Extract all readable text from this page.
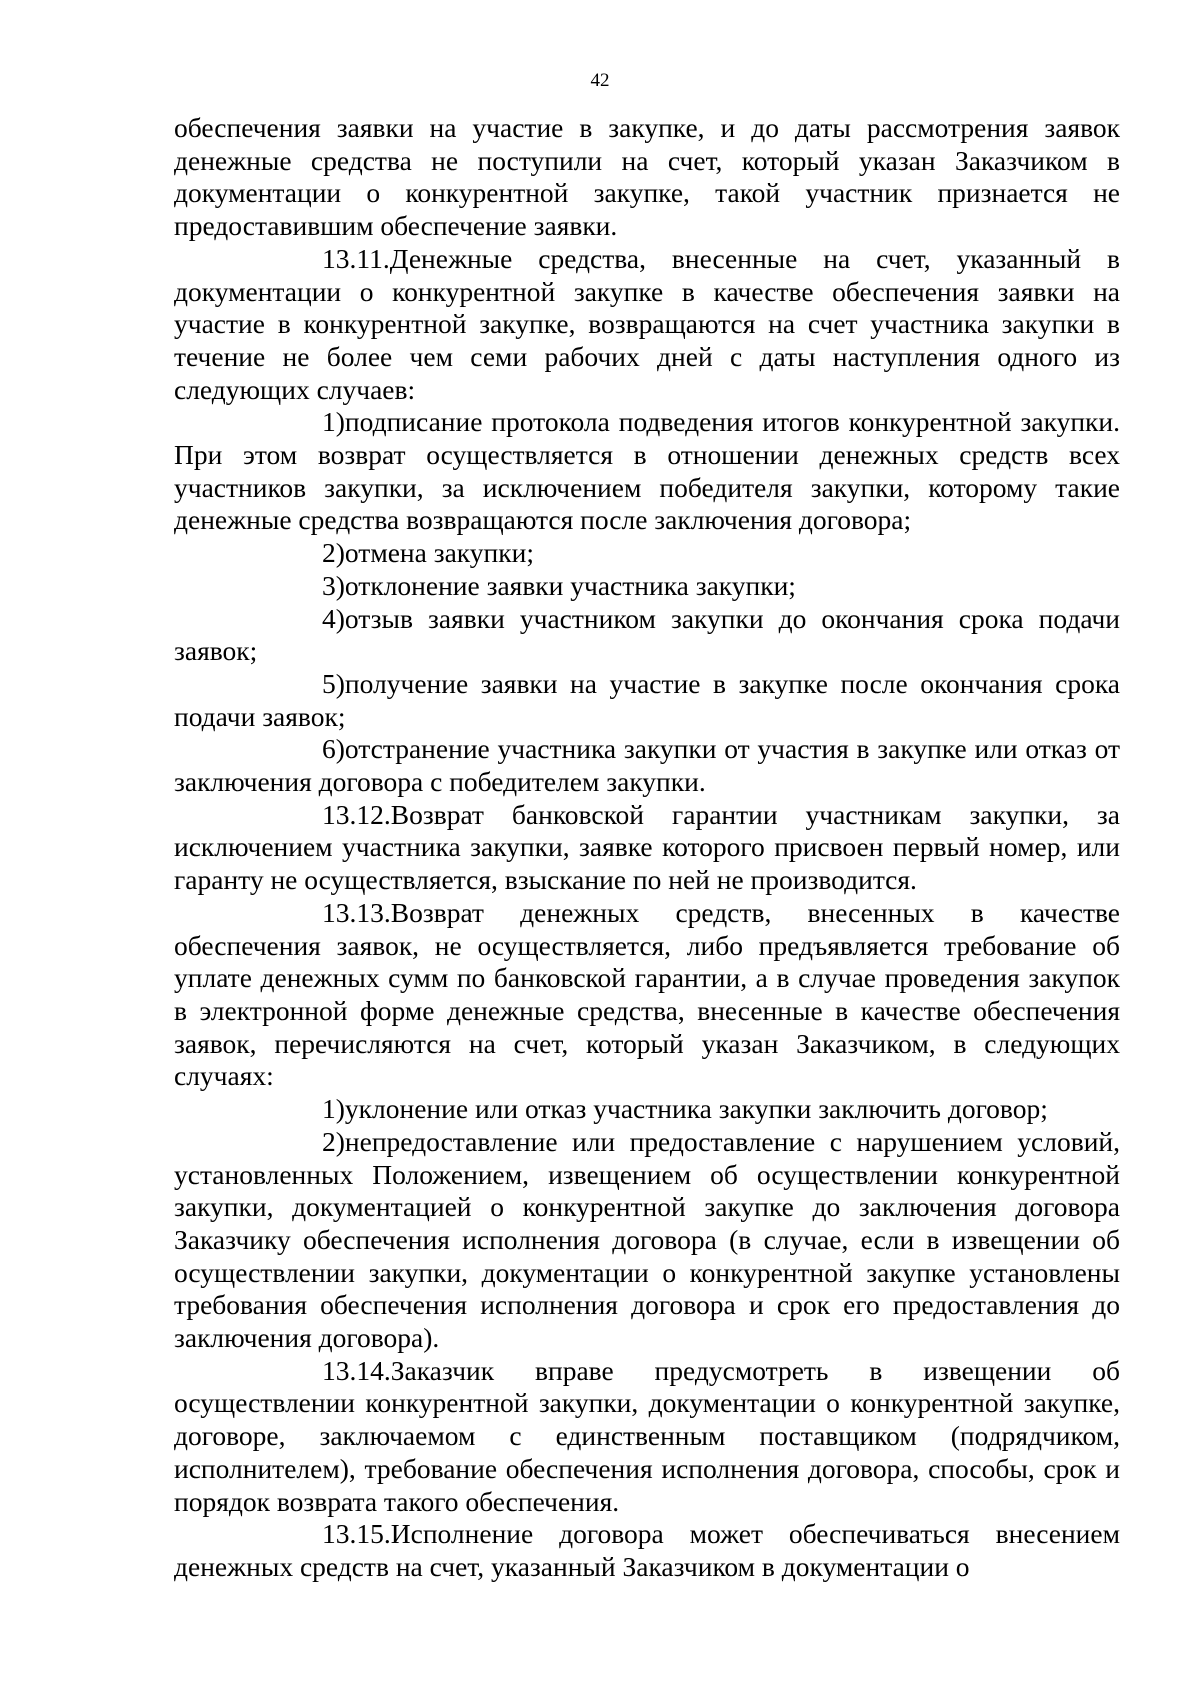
42

обеспечения заявки на участие в закупке, и до даты рассмотрения заявок денежные средства не поступили на счет, который указан Заказчиком в документации о конкурентной закупке, такой участник признается не предоставившим обеспечение заявки.

13.11.Денежные средства, внесенные на счет, указанный в документации о конкурентной закупке в качестве обеспечения заявки на участие в конкурентной закупке, возвращаются на счет участника закупки в течение не более чем семи рабочих дней с даты наступления одного из следующих случаев:

1)подписание протокола подведения итогов конкурентной закупки. При этом возврат осуществляется в отношении денежных средств всех участников закупки, за исключением победителя закупки, которому такие денежные средства возвращаются после заключения договора;

2)отмена закупки;

3)отклонение заявки участника закупки;

4)отзыв заявки участником закупки до окончания срока подачи заявок;

5)получение заявки на участие в закупке после окончания срока подачи заявок;

6)отстранение участника закупки от участия в закупке или отказ от заключения договора с победителем закупки.

13.12.Возврат банковской гарантии участникам закупки, за исключением участника закупки, заявке которого присвоен первый номер, или гаранту не осуществляется, взыскание по ней не производится.

13.13.Возврат денежных средств, внесенных в качестве обеспечения заявок, не осуществляется, либо предъявляется требование об уплате денежных сумм по банковской гарантии, а в случае проведения закупок в электронной форме денежные средства, внесенные в качестве обеспечения заявок, перечисляются на счет, который указан Заказчиком, в следующих случаях:

1)уклонение или отказ участника закупки заключить договор;

2)непредоставление или предоставление с нарушением условий, установленных Положением, извещением об осуществлении конкурентной закупки, документацией о конкурентной закупке до заключения договора Заказчику обеспечения исполнения договора (в случае, если в извещении об осуществлении закупки, документации о конкурентной закупке установлены требования обеспечения исполнения договора и срок его предоставления до заключения договора).

13.14.Заказчик вправе предусмотреть в извещении об осуществлении конкурентной закупки, документации о конкурентной закупке, договоре, заключаемом с единственным поставщиком (подрядчиком, исполнителем), требование обеспечения исполнения договора, способы, срок и порядок возврата такого обеспечения.

13.15.Исполнение договора может обеспечиваться внесением денежных средств на счет, указанный Заказчиком в документации о
